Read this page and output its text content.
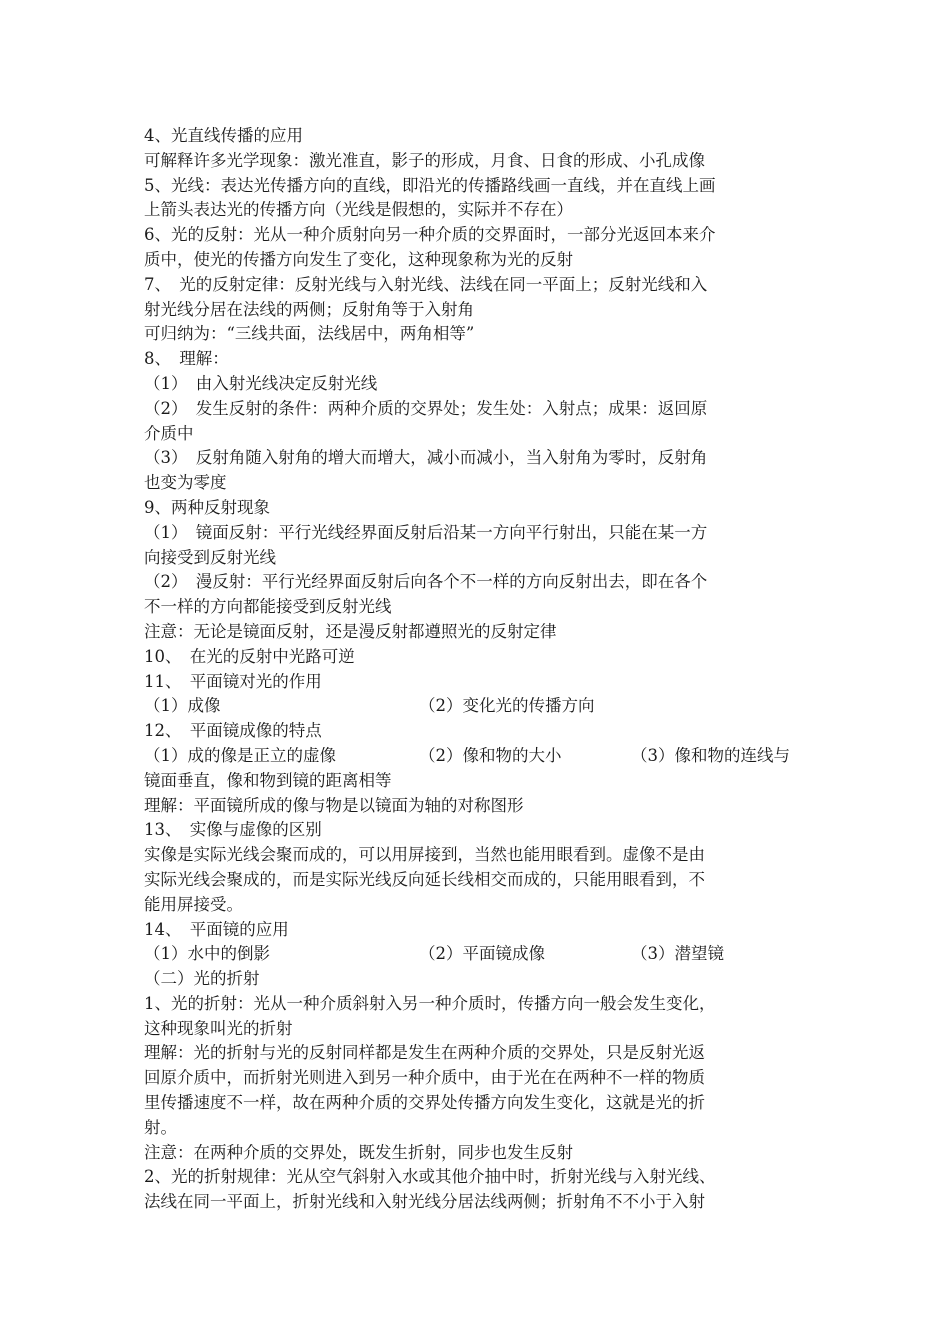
4、光直线传播的应用
可解释许多光学现象：激光准直，影子的形成，月食、日食的形成、小孔成像
5、光线：表达光传播方向的直线，即沿光的传播路线画一直线，并在直线上画
上箭头表达光的传播方向（光线是假想的，实际并不存在）
6、光的反射：光从一种介质射向另一种介质的交界面时，一部分光返回本来介
质中，使光的传播方向发生了变化，这种现象称为光的反射
7、　光的反射定律：反射光线与入射光线、法线在同一平面上；反射光线和入
射光线分居在法线的两侧；反射角等于入射角
可归纳为：“三线共面，法线居中，两角相等”
8、　理解：
（1）　由入射光线决定反射光线
（2）　发生反射的条件：两种介质的交界处；发生处：入射点；成果：返回原
介质中
（3）　反射角随入射角的增大而增大，减小而减小，当入射角为零时，反射角
也变为零度
9、两种反射现象
（1）　镜面反射：平行光线经界面反射后沿某一方向平行射出，只能在某一方
向接受到反射光线
（2）　漫反射：平行光经界面反射后向各个不一样的方向反射出去，即在各个
不一样的方向都能接受到反射光线
注意：无论是镜面反射，还是漫反射都遵照光的反射定律
10、　在光的反射中光路可逆
11、　平面镜对光的作用
（1）成像	（2）变化光的传播方向
12、　平面镜成像的特点
（1）成的像是正立的虚像	（2）像和物的大小	（3）像和物的连线与
镜面垂直，像和物到镜的距离相等
理解：平面镜所成的像与物是以镜面为轴的对称图形
13、　实像与虚像的区别
实像是实际光线会聚而成的，可以用屏接到，当然也能用眼看到。虚像不是由
实际光线会聚成的，而是实际光线反向延长线相交而成的，只能用眼看到，不
能用屏接受。
14、　平面镜的应用
（1）水中的倒影	（2）平面镜成像	（3）潜望镜
（二）光的折射
1、光的折射：光从一种介质斜射入另一种介质时，传播方向一般会发生变化，
这种现象叫光的折射
理解：光的折射与光的反射同样都是发生在两种介质的交界处，只是反射光返
回原介质中，而折射光则进入到另一种介质中，由于光在在两种不一样的物质
里传播速度不一样，故在两种介质的交界处传播方向发生变化，这就是光的折
射。
注意：在两种介质的交界处，既发生折射，同步也发生反射
2、光的折射规律：光从空气斜射入水或其他介抽中时，折射光线与入射光线、
法线在同一平面上，折射光线和入射光线分居法线两侧；折射角不不小于入射
